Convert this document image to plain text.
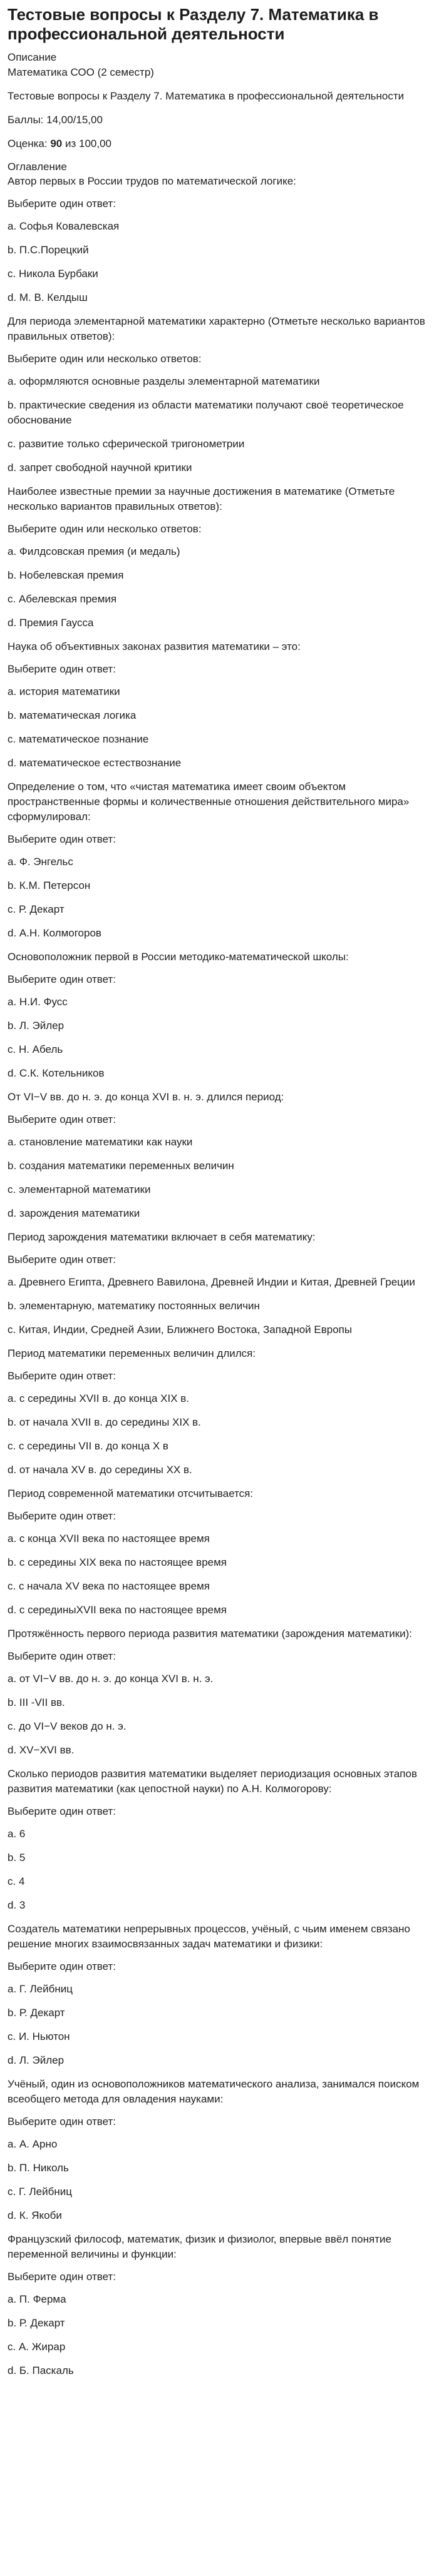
Тестовые вопросы к Разделу 7. Математика в профессиональной деятельности

Описание

Математика СОО (2 семестр)

Тестовые вопросы к Разделу 7. Математика в профессиональной деятельности

Баллы: 14,00/15,00

Оценка: 90 из 100,00

Оглавление

Автор первых в России трудов по математической логике:

Выберите один ответ:

a. Софья Ковалевская

b. П.С.Порецкий

c. Никола Бурбаки

d. М. В. Келдыш

Для периода элементарной математики характерно (Отметьте несколько вариантов правильных ответов):

Выберите один или несколько ответов:

a. оформляются основные разделы элементарной математики

b. практические сведения из области математики получают своё теоретическое обоснование

c. развитие только сферической тригонометрии

d. запрет свободной научной критики

Наиболее известные премии за научные достижения в математике (Отметьте несколько вариантов правильных ответов):

Выберите один или несколько ответов:

a. Филдсовская премия (и медаль)

b. Нобелевская премия

c. Абелевская премия

d. Премия Гаусса

Наука об объективных законах развития математики – это:

Выберите один ответ:

a. история математики

b. математическая логика

c. математическое познание

d. математическое естествознание

Определение о том, что «чистая математика имеет своим объектом пространственные формы и количественные отношения действительного мира» сформулировал:

Выберите один ответ:

a. Ф. Энгельс

b. К.М. Петерсон

c. Р. Декарт

d. А.Н. Колмогоров

Основоположник первой в России методико-математической школы:

Выберите один ответ:

a. Н.И. Фусс

b. Л. Эйлер

c. Н. Абель

d. С.К. Котельников

От VI−V вв. до н. э. до конца XVI в. н. э. длился период:

Выберите один ответ:

a. становление математики как науки

b. создания математики переменных величин

c. элементарной математики

d. зарождения математики

Период зарождения математики включает в себя математику:

Выберите один ответ:

a. Древнего Египта, Древнего Вавилона, Древней Индии и Китая, Древней Греции

b. элементарную, математику постоянных величин

c. Китая, Индии, Средней Азии, Ближнего Востока, Западной Европы

Период математики переменных величин длился:

Выберите один ответ:

a. с середины XVII в. до конца XIX в.

b. от начала XVII в. до середины XIX в.

c. с середины VII в. до конца X в

d. от начала XV в. до середины XX в.

Период современной математики отсчитывается:

Выберите один ответ:

a. с конца XVII века по настоящее время

b. с середины XIX века по настоящее время

c. с начала XV века по настоящее время

d. с серединыXVII века по настоящее время

Протяжённость первого периода развития математики (зарождения математики):

Выберите один ответ:

a. от VI−V вв. до н. э. до конца XVI в. н. э.

b. III -VII вв.

c. до VI−V веков до н. э.

d. XV−XVI вв.

Сколько периодов развития математики выделяет периодизация основных этапов развития математики (как цепостной науки) по А.Н. Колмогорову:

Выберите один ответ:

a. 6

b. 5

c. 4

d. 3

Создатель математики непрерывных процессов, учёный, с чьим именем связано решение многих взаимосвязанных задач математики и физики:

Выберите один ответ:

a. Г. Лейбниц

b. Р. Декарт

c. И. Ньютон

d. Л. Эйлер

Учёный, один из основоположников математического анализа, занимался поиском всеобщего метода для овладения науками:

Выберите один ответ:

a. А. Арно

b. П. Николь

c. Г. Лейбниц

d. К. Якоби

Французский философ, математик, физик и физиолог, впервые ввёл понятие переменной величины и функции:

Выберите один ответ:

a. П. Ферма

b. Р. Декарт

c. А. Жирар

d. Б. Паскаль
